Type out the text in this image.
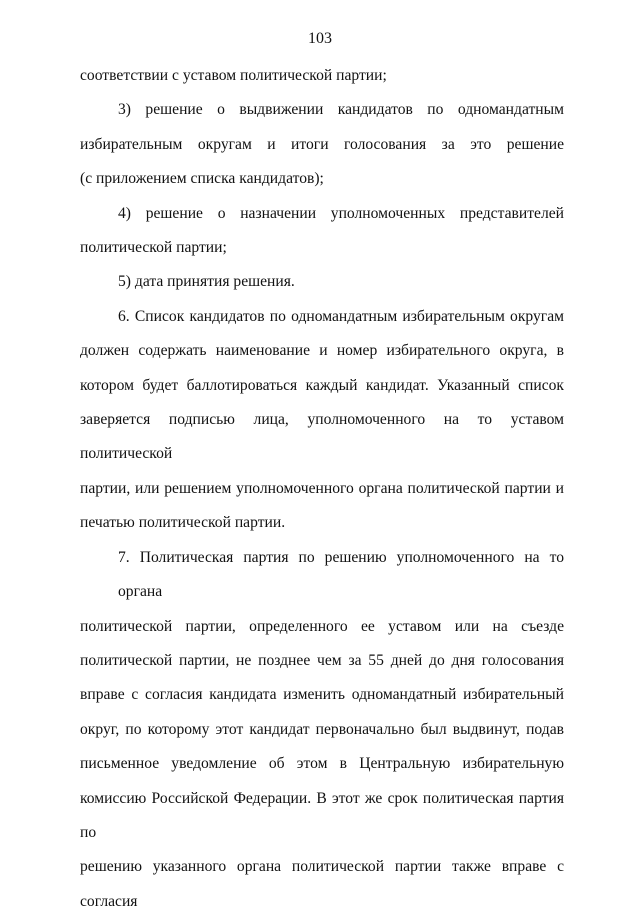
103
соответствии с уставом политической партии;
3) решение о выдвижении кандидатов по одномандатным
избирательным округам и итоги голосования за это решение
(с приложением списка кандидатов);
4) решение о назначении уполномоченных представителей
политической партии;
5) дата принятия решения.
6. Список кандидатов по одномандатным избирательным округам
должен содержать наименование и номер избирательного округа, в
котором будет баллотироваться каждый кандидат. Указанный список
заверяется подписью лица, уполномоченного на то уставом политической
партии, или решением уполномоченного органа политической партии и
печатью политической партии.
7. Политическая партия по решению уполномоченного на то органа
политической партии, определенного ее уставом или на съезде
политической партии, не позднее чем за 55 дней до дня голосования
вправе с согласия кандидата изменить одномандатный избирательный
округ, по которому этот кандидат первоначально был выдвинут, подав
письменное уведомление об этом в Центральную избирательную
комиссию Российской Федерации. В этот же срок политическая партия по
решению указанного органа политической партии также вправе с согласия
